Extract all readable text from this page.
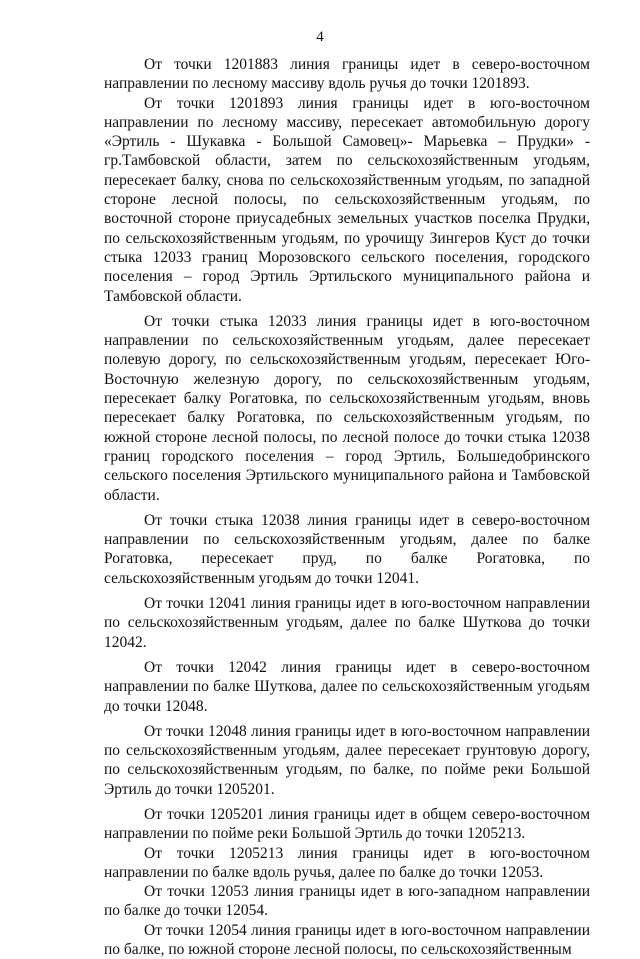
4

От точки 1201883 линия границы идет в северо-восточном направлении по лесному массиву вдоль ручья до точки 1201893.

От точки 1201893 линия границы идет в юго-восточном направлении по лесному массиву, пересекает автомобильную дорогу «Эртиль - Шукавка - Большой Самовец»- Марьевка – Прудки» - гр.Тамбовской области, затем по сельскохозяйственным угодьям, пересекает балку, снова по сельскохозяйственным угодьям, по западной стороне лесной полосы, по сельскохозяйственным угодьям, по восточной стороне приусадебных земельных участков поселка Прудки, по сельскохозяйственным угодьям, по урочищу Зингеров Куст до точки стыка 12033 границ Морозовского сельского поселения, городского поселения – город Эртиль Эртильского муниципального района и Тамбовской области.

От точки стыка 12033 линия границы идет в юго-восточном направлении по сельскохозяйственным угодьям, далее пересекает полевую дорогу, по сельскохозяйственным угодьям, пересекает Юго-Восточную железную дорогу, по сельскохозяйственным угодьям, пересекает балку Рогатовка, по сельскохозяйственным угодьям, вновь пересекает балку Рогатовка, по сельскохозяйственным угодьям, по южной стороне лесной полосы, по лесной полосе до точки стыка 12038 границ городского поселения – город Эртиль, Большедобринского сельского поселения Эртильского муниципального района и Тамбовской области.

От точки стыка 12038 линия границы идет в северо-восточном направлении по сельскохозяйственным угодьям, далее по балке Рогатовка, пересекает пруд, по балке Рогатовка, по сельскохозяйственным угодьям до точки 12041.

От точки 12041 линия границы идет в юго-восточном направлении по сельскохозяйственным угодьям, далее по балке Шуткова до точки 12042.

От точки 12042 линия границы идет в северо-восточном направлении по балке Шуткова, далее по сельскохозяйственным угодьям до точки 12048.

От точки 12048 линия границы идет в юго-восточном направлении по сельскохозяйственным угодьям, далее пересекает грунтовую дорогу, по сельскохозяйственным угодьям, по балке, по пойме реки Большой Эртиль до точки 1205201.

От точки 1205201 линия границы идет в общем северо-восточном направлении по пойме реки Большой Эртиль до точки 1205213.

От точки 1205213 линия границы идет в юго-восточном направлении по балке вдоль ручья, далее по балке до точки 12053.

От точки 12053 линия границы идет в юго-западном направлении по балке до точки 12054.

От точки 12054 линия границы идет в юго-восточном направлении по балке, по южной стороне лесной полосы, по сельскохозяйственным
